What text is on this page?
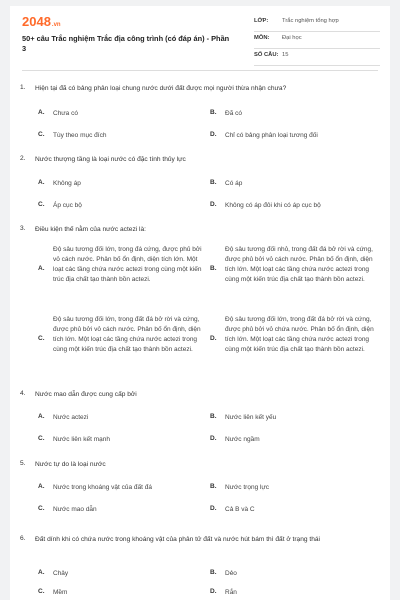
2048.vn
50+ câu Trắc nghiệm Trắc địa công trình (có đáp án) - Phần 3
LỚP:	Trắc nghiệm tổng hợp
MÔN:	Đại học
SỐ CÂU: 15
1.	Hiện tại đã có bảng phân loại chung nước dưới đất được mọi người thừa nhận chưa?
A. Chưa có	B. Đã có
C. Tùy theo mục đích	D. Chỉ có bảng phân loại tương đối
2.	Nước thượng tầng là loại nước có đặc tính thủy lực
A. Không áp	B. Có áp
C. Áp cục bộ	D. Không có áp đôi khi có áp cục bộ
3.	Điều kiện thế nằm của nước actezi là:
A.
Độ sâu tương đối lớn, trong đá cứng, được phủ bởi vỏ cách nước. Phân bố ổn định, diện tích lớn. Một loạt các tầng chứa nước actezi trong cùng một kiến trúc địa chất tạo thành bồn actezi.
B.
Độ sâu tương đối nhỏ, trong đất đá bở rời và cứng, được phủ bởi vỏ cách nước. Phân bố ổn định, diện tích lớn. Một loạt các tầng chứa nước actezi trong cùng một kiến trúc địa chất tạo thành bồn actezi.
C.
Độ sâu tương đối lớn, trong đất đá bở rời và cứng, được phủ bởi vỏ cách nước. Phân bố ổn định, diện tích lớn. Một loạt các tầng chứa nước actezi trong cùng một kiến trúc địa chất tạo thành bồn actezi.
D.
Độ sâu tương đối lớn, trong đất đá bở rời và cứng, được phủ bởi vỏ chứa nước. Phân bố ổn định, diện tích lớn. Một loạt các tầng chứa nước actezi trong cùng một kiến trúc địa chất tạo thành bồn actezi.
4.	Nước mao dẫn được cung cấp bởi
A. Nước actezi	B. Nước liên kết yếu
C. Nước liên kết mạnh	D. Nước ngầm
5.	Nước tự do là loại nước
A. Nước trong khoáng vật của đất đá	B. Nước trọng lực
C. Nước mao dẫn	D. Cả B và C
6.	Đất dính khi có chứa nước trong khoáng vật của phân tử đất và nước hút bám thì đất ở trạng thái
A. Chảy	B. Dẻo
C. Mềm	D. Rắn
